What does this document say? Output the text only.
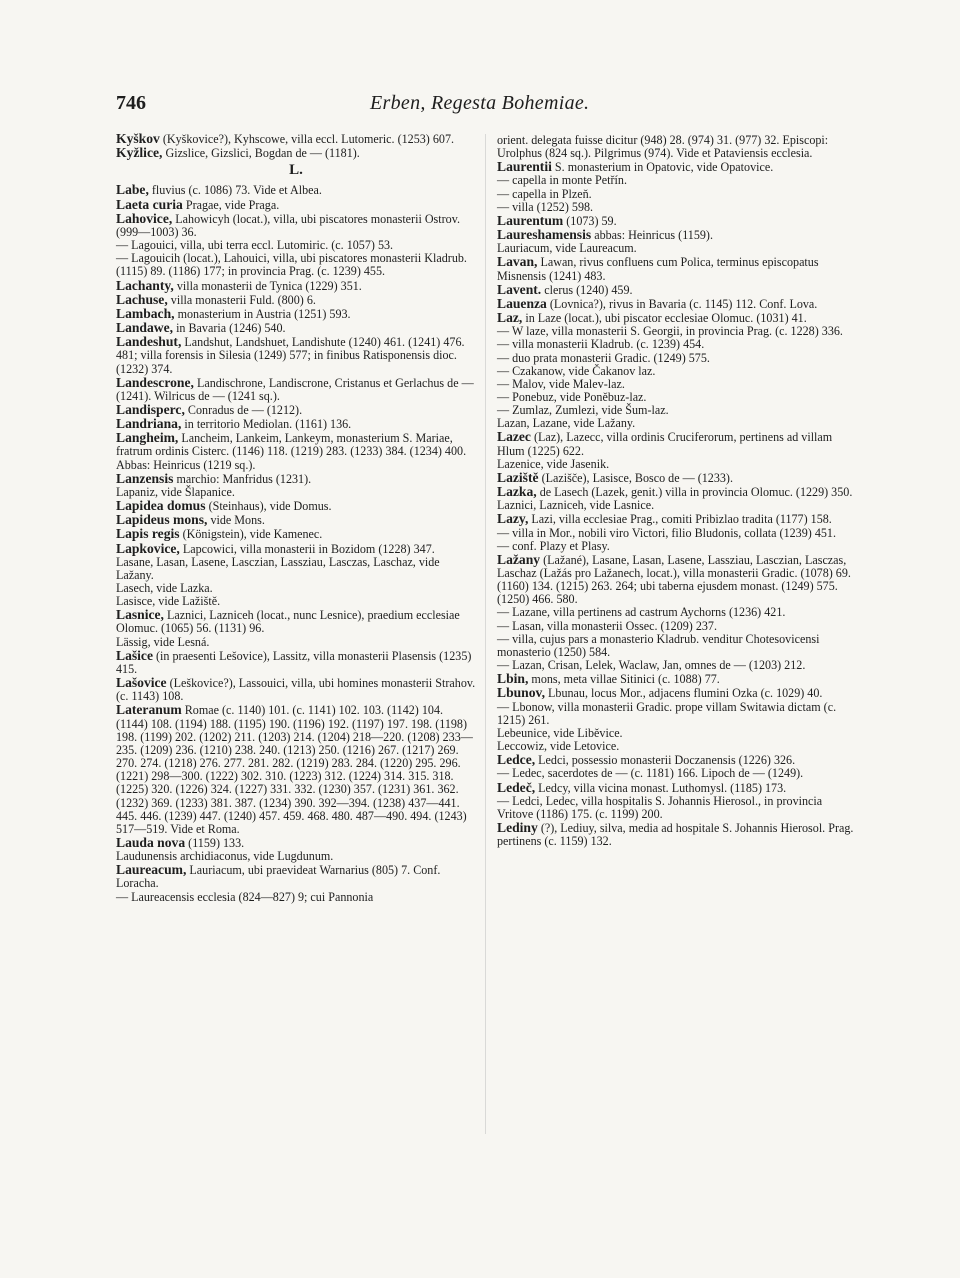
746	Erben, Regesta Bohemiae.

Kyškov (Kyškovice?), Kyhscowe, villa eccl. Lutomeric. (1253) 607.

Kyžlice, Gizslice, Gizslici, Bogdan de — (1181).

L.

Labe, fluvius (c. 1086) 73. Vide et Albea.

Laeta curia Pragae, vide Praga.

Lahovice, Lahowicyh (locat.), villa, ubi piscatores monasterii Ostrov. (999—1003) 36.

— Lagouici, villa, ubi terra eccl. Lutomiric. (c. 1057) 53.

— Lagouicih (locat.), Lahouici, villa, ubi piscatores monasterii Kladrub. (1115) 89. (1186) 177; in provincia Prag. (c. 1239) 455.

Lachanty, villa monasterii de Tynica (1229) 351.

Lachuse, villa monasterii Fuld. (800) 6.

Lambach, monasterium in Austria (1251) 593.

Landawe, in Bavaria (1246) 540.

Landeshut, Landshut, Landshuet, Landishute (1240) 461. (1241) 476. 481; villa forensis in Silesia (1249) 577; in finibus Ratisponensis dioc. (1232) 374.

Landescrone, Landischrone, Landiscrone, Cristanus et Gerlachus de — (1241). Wilricus de — (1241 sq.).

Landisperc, Conradus de — (1212).

Landriana, in territorio Mediolan. (1161) 136.

Langheim, Lancheim, Lankeim, Lankeym, monasterium S. Mariae, fratrum ordinis Cisterc. (1146) 118. (1219) 283. (1233) 384. (1234) 400. Abbas: Heinricus (1219 sq.).

Lanzensis marchio: Manfridus (1231).

Lapaniz, vide Šlapanice.

Lapidea domus (Steinhaus), vide Domus.

Lapideus mons, vide Mons.

Lapis regis (Königstein), vide Kamenec.

Lapkovice, Lapcowici, villa monasterii in Bozidom (1228) 347.

Lasane, Lasan, Lasene, Lasczian, Lassziau, Lasczas, Laschaz, vide Lažany.

Lasech, vide Lazka.

Lasisce, vide Lažiště.

Lasnice, Laznici, Lazniceh (locat., nunc Lesnice), praedium ecclesiae Olomuc. (1065) 56. (1131) 96.

Lässig, vide Lesná.

Lašice (in praesenti Lešovice), Lassitz, villa monasterii Plasensis (1235) 415.

Lašovice (Leškovice?), Lassouici, villa, ubi homines monasterii Strahov. (c. 1143) 108.

Lateranum Romae (c. 1140) 101. (c. 1141) 102. 103. (1142) 104. (1144) 108. (1194) 188. (1195) 190. (1196) 192. (1197) 197. 198. (1198) 198. (1199) 202. (1202) 211. (1203) 214. (1204) 218—220. (1208) 233—235. (1209) 236. (1210) 238. 240. (1213) 250. (1216) 267. (1217) 269. 270. 274. (1218) 276. 277. 281. 282. (1219) 283. 284. (1220) 295. 296. (1221) 298—300. (1222) 302. 310. (1223) 312. (1224) 314. 315. 318. (1225) 320. (1226) 324. (1227) 331. 332. (1230) 357. (1231) 361. 362. (1232) 369. (1233) 381. 387. (1234) 390. 392—394. (1238) 437—441. 445. 446. (1239) 447. (1240) 457. 459. 468. 480. 487—490. 494. (1243) 517—519. Vide et Roma.

Lauda nova (1159) 133.

Laudunensis archidiaconus, vide Lugdunum.

Laureacum, Lauriacum, ubi praevideat Warnarius (805) 7. Conf. Loracha.

— Laureacensis ecclesia (824—827) 9; cui Pannonia

orient. delegata fuisse dicitur (948) 28. (974) 31. (977) 32. Episcopi: Urolphus (824 sq.). Pilgrimus (974). Vide et Pataviensis ecclesia.

Laurentii S. monasterium in Opatovic, vide Opatovice.

— capella in monte Petřín.

— capella in Plzeň.

— villa (1252) 598.

Laurentum (1073) 59.

Laureshamensis abbas: Heinricus (1159).

Lauriacum, vide Laureacum.

Lavan, Lawan, rivus confluens cum Polica, terminus episcopatus Misnensis (1241) 483.

Lavent. clerus (1240) 459.

Lauenza (Lovnica?), rivus in Bavaria (c. 1145) 112. Conf. Lova.

Laz, in Laze (locat.), ubi piscator ecclesiae Olomuc. (1031) 41.

— W laze, villa monasterii S. Georgii, in provincia Prag. (c. 1228) 336.

— villa monasterii Kladrub. (c. 1239) 454.

— duo prata monasterii Gradic. (1249) 575.

— Czakanow, vide Čakanov laz.

— Malov, vide Malev-laz.

— Ponebuz, vide Poněbuz-laz.

— Zumlaz, Zumlezi, vide Šum-laz.

Lazan, Lazane, vide Lažany.

Lazec (Laz), Lazecc, villa ordinis Cruciferorum, pertinens ad villam Hlum (1225) 622.

Lazenice, vide Jasenik.

Laziště (Lazišče), Lasisce, Bosco de — (1233).

Lazka, de Lasech (Lazek, genit.) villa in provincia Olomuc. (1229) 350.

Laznici, Lazniceh, vide Lasnice.

Lazy, Lazi, villa ecclesiae Prag., comiti Pribizlao tradita (1177) 158.

— villa in Mor., nobili viro Victori, filio Bludonis, collata (1239) 451.

— conf. Plazy et Plasy.

Lažany (Lažané), Lasane, Lasan, Lasene, Lassziau, Lasczian, Lasczas, Laschaz (Lažás pro Lažanech, locat.), villa monasterii Gradic. (1078) 69. (1160) 134. (1215) 263. 264; ubi taberna ejusdem monast. (1249) 575. (1250) 466. 580.

— Lazane, villa pertinens ad castrum Aychorns (1236) 421.

— Lasan, villa monasterii Ossec. (1209) 237.

— villa, cujus pars a monasterio Kladrub. venditur Chotesovicensi monasterio (1250) 584.

— Lazan, Crisan, Lelek, Waclaw, Jan, omnes de — (1203) 212.

Lbin, mons, meta villae Sitinici (c. 1088) 77.

Lbunov, Lbunau, locus Mor., adjacens flumini Ozka (c. 1029) 40.

— Lbonow, villa monasterii Gradic. prope villam Switawia dictam (c. 1215) 261.

Lebeunice, vide Liběvice.

Leccowiz, vide Letovice.

Ledce, Ledci, possessio monasterii Doczanensis (1226) 326.

— Ledec, sacerdotes de — (c. 1181) 166. Lipoch de — (1249).

Ledeč, Ledcy, villa vicina monast. Luthomysl. (1185) 173.

— Ledci, Ledec, villa hospitalis S. Johannis Hierosol., in provincia Vritove (1186) 175. (c. 1199) 200.

Lediny (?), Lediuy, silva, media ad hospitale S. Johannis Hierosol. Prag. pertinens (c. 1159) 132.
